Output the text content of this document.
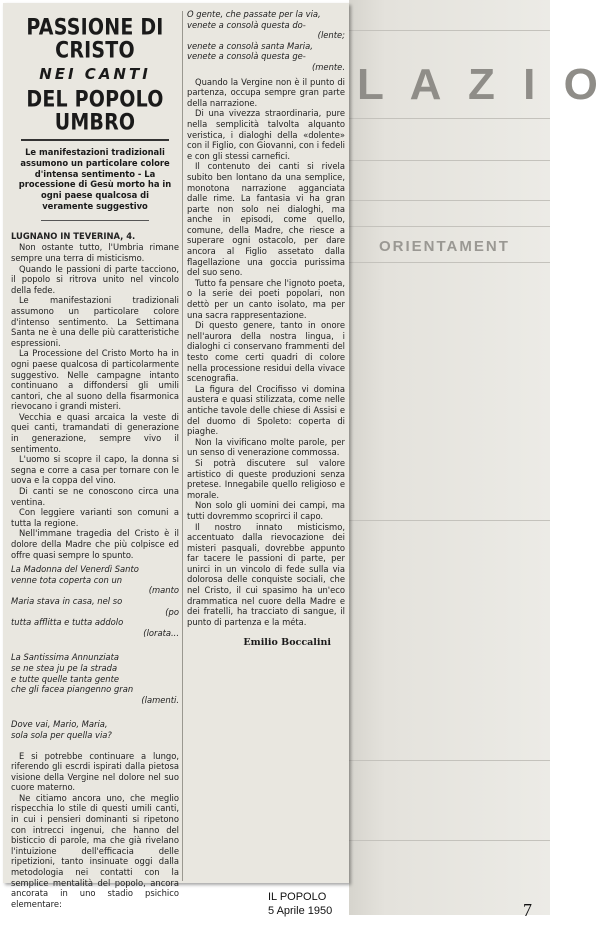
L A Z I O
ORIENTAMENT
PASSIONE DI CRISTO
NEI CANTI
DEL POPOLO UMBRO
Le manifestazioni tradizionali assumono un particolare colore d'intensa sentimento - La processione di Gesù morto ha in ogni paese qualcosa di veramente suggestivo

LUGNANO IN TEVERINA, 4.

Non ostante tutto, l'Umbria rimane sempre una terra di misticismo.

Quando le passioni di parte tacciono, il popolo si ritrova unito nel vincolo della fede.

Le manifestazioni tradizionali assumono un particolare colore d'intenso sentimento. La Settimana Santa ne è una delle più caratteristiche espressioni.

La Processione del Cristo Morto ha in ogni paese qualcosa di particolarmente suggestivo. Nelle campagne intanto continuano a diffondersi gli umili cantori, che al suono della fisarmonica rievocano i grandi misteri.

Vecchia e quasi arcaica la veste di quei canti, tramandati di generazione in generazione, sempre vivo il sentimento.

L'uomo si scopre il capo, la donna si segna e corre a casa per tornare con le uova e la coppa del vino.

Di canti se ne conoscono circa una ventina.

Con leggiere varianti son comuni a tutta la regione.

Nell'immane tragedia del Cristo è il dolore della Madre che più colpisce ed offre quasi sempre lo spunto.

La Madonna del Venerdì Santo
venne tota coperta con un
(manto
Maria stava in casa, nel so
(po
tutta afflitta e tutta addolo
(lorata...
La Santissima Annunziata
se ne stea ju pe la strada
e tutte quelle tanta gente
che gli facea piangenno gran
(lamenti.
Dove vai, Mario, Maria,
sola sola per quella via?

E si potrebbe continuare a lungo, riferendo gli escrdi ispirati dalla pietosa visione della Vergine nel dolore nel suo cuore materno.

Ne citiamo ancora uno, che meglio rispecchia lo stile di questi umili canti, in cui i pensieri dominanti si ripetono con intrecci ingenui, che hanno del bisticcio di parole, ma che già rivelano l'intuizione dell'efficacia delle ripetizioni, tanto insinuate oggi dalla metodologia nei contatti con la semplice mentalità del popolo, ancora ancorata in uno stadio psichico elementare:

O gente, che passate per la via,
venete a consolà questa do-
(lente;
venete a consolà santa Maria,
venete a consolà questa ge-
(mente.

Quando la Vergine non è il punto di partenza, occupa sempre gran parte della narrazione.

Di una vivezza straordinaria, pure nella semplicità talvolta alquanto veristica, i dialoghi della «dolente» con il Figlio, con Giovanni, con i fedeli e con gli stessi carnefici.

Il contenuto dei canti si rivela subito ben lontano da una semplice, monotona narrazione agganciata dalle rime. La fantasia vi ha gran parte non solo nei dialoghi, ma anche in episodi, come quello, comune, della Madre, che riesce a superare ogni ostacolo, per dare ancora al Figlio assetato dalla flagellazione una goccia purissima del suo seno.

Tutto fa pensare che l'ignoto poeta, o la serie dei poeti popolari, non dettò per un canto isolato, ma per una sacra rappresentazione.

Di questo genere, tanto in onore nell'aurora della nostra lingua, i dialoghi ci conservano frammenti del testo come certi quadri di colore nella processione residui della vivace scenografia.

La figura del Crocifisso vi domina austera e quasi stilizzata, come nelle antiche tavole delle chiese di Assisi e del duomo di Spoleto: coperta di piaghe.

Non la vivificano molte parole, per un senso di venerazione commossa.

Si potrà discutere sul valore artistico di queste produzioni senza pretese. Innegabile quello religioso e morale.

Non solo gli uomini dei campi, ma tutti dovremmo scoprirci il capo.

Il nostro innato misticismo, accentuato dalla rievocazione dei misteri pasquali, dovrebbe appunto far tacere le passioni di parte, per unirci in un vincolo di fede sulla via dolorosa delle conquiste sociali, che nel Cristo, il cui spasimo ha un'eco drammatica nel cuore della Madre e dei fratelli, ha tracciato di sangue, il punto di partenza e la méta.

Emilio Boccalini
IL POPOLO
5 Aprile 1950	7
